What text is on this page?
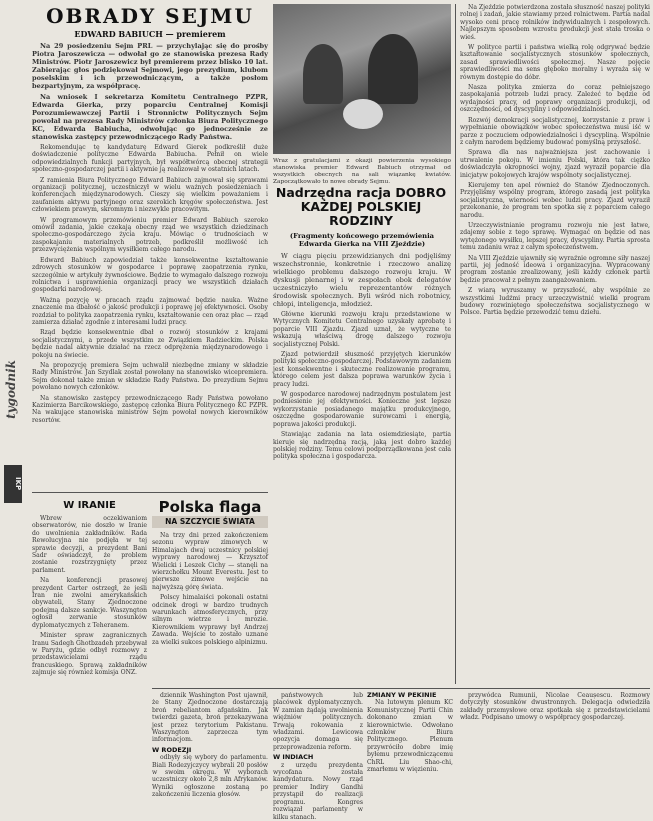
tygodnik
IKP
OBRADY SEJMU
EDWARD BABIUCH — premierem

Na 29 posiedzeniu Sejm PRL — przychylając się do prośby Piotra Jaroszewicza — odwołał go ze stanowiska prezesa Rady Ministrów. Piotr Jaroszewicz był premierem przez blisko 10 lat. Zabierając głos podziękował Sejmowi, jego prezydium, klubom poselskim i ich przewodniczącym, a także posłom bezpartyjnym, za współpracę.

Na wniosek I sekretarza Komitetu Centralnego PZPR, Edwarda Gierka, przy poparciu Centralnej Komisji Porozumiewawczej Partii i Stronnictw Politycznych Sejm powołał na prezesa Rady Ministrów członka Biura Politycznego KC, Edwarda Babiucha, odwołując go jednocześnie ze stanowiska zastępcy przewodniczącego Rady Państwa.

Rekomendując tę kandydaturę Edward Gierek podkreślił duże doświadczenie polityczne Edwarda Babiucha. Pełnił on wiele odpowiedzialnych funkcji partyjnych, był współtwórcą obecnej strategii społeczno-gospodarczej partii i aktywnie ją realizował w ostatnich latach.

Z ramienia Biura Politycznego Edward Babiuch zajmował się sprawami organizacji politycznej, uczestniczył w wielu ważnych posiedzeniach i konferencjach międzynarodowych. Cieszy się wielkim poważaniem i zaufaniem aktywu partyjnego oraz szerokich kręgów społeczeństwa. Jest człowiekiem prawym, skromnym i niezwykle pracowitym.

W programowym przemówieniu premier Edward Babiuch szeroko omówił zadania, jakie czekają obecny rząd we wszystkich dziedzinach społeczno-gospodarczego życia kraju. Mówiąc o trudnościach w zaspokajaniu materialnych potrzeb, podkreślił możliwość ich przezwyciężenia wspólnym wysiłkiem całego narodu.

Edward Babiuch zapowiedział także konsekwentne kształtowanie zdrowych stosunków w gospodarce i poprawę zaopatrzenia rynku, szczególnie w artykuły żywnościowe. Będzie to wymagało dalszego rozwoju rolnictwa i usprawnienia organizacji pracy we wszystkich działach gospodarki narodowej.

Ważną pozycję w pracach rządu zajmować będzie nauka. Ważne znaczenie ma dbałość o jakość produkcji i poprawę jej efektywności. Osoby rozdział to polityka zaopatrzenia rynku, kształtowanie cen oraz płac — rząd zamierza działać zgodnie z interesami ludzi pracy.

Rząd będzie konsekwentnie dbał o rozwój stosunków z krajami socjalistycznymi, a przede wszystkim ze Związkiem Radzieckim. Polska będzie nadal aktywnie działać na rzecz odprężenia międzynarodowego i pokoju na świecie.

Na propozycję premiera Sejm uchwalił niezbędne zmiany w składzie Rady Ministrów. Jan Szydlak został powołany na stanowisko wicepremiera. Sejm dokonał także zmian w składzie Rady Państwa. Do prezydium Sejmu powołano nowych członków.

Na stanowisko zastępcy przewodniczącego Rady Państwa powołano Kazimierza Barcikowskiego, zastępcę członka Biura Politycznego KC PZPR. Na wakujące stanowiska ministrów Sejm powołał nowych kierowników resortów.

W IRANIE

Wbrew oczekiwaniom obserwatorów, nie doszło w Iranie do uwolnienia zakładników. Rada Rewolucyjna nie podjęła w tej sprawie decyzji, a prezydent Bani Sadr oświadczył, że problem zostanie rozstrzygnięty przez parlament.

Na konferencji prasowej prezydent Carter ostrzegł, że jeśli Iran nie zwolni amerykańskich obywateli, Stany Zjednoczone podejmą dalsze sankcje. Waszyngton ogłosił zerwanie stosunków dyplomatycznych z Teheranem.

Minister spraw zagranicznych Iranu Sadegh Ghotbzadeh przebywał w Paryżu, gdzie odbył rozmowy z przedstawicielami rządu francuskiego. Sprawą zakładników zajmuje się również komisja ONZ.

Polska flaga
NA SZCZYCIE ŚWIATA

Na trzy dni przed zakończeniem sezonu wypraw zimowych w Himalajach dwaj uczestnicy polskiej wyprawy narodowej — Krzysztof Wielicki i Leszek Cichy — stanęli na wierzchołku Mount Everestu. Jest to pierwsze zimowe wejście na najwyższą górę świata.

Polscy himalaiści pokonali ostatni odcinek drogi w bardzo trudnych warunkach atmosferycznych, przy silnym wietrze i mrozie. Kierownikiem wyprawy był Andrzej Zawada. Wejście to zostało uznane za wielki sukces polskiego alpinizmu.

Wraz z gratulacjami z okazji powierzenia wysokiego stanowiska premier Edward Babiuch otrzymał od wszystkich obecnych na sali wiązankę kwiatów. Zapoczątkowało to nowe obrady Sejmu.
Nadrzędna racja DOBRO KAŻDEJ POLSKIEJ RODZINY
(Fragmenty końcowego przemówienia Edwarda Gierka na VIII Zjeździe)

W ciągu pięciu przewidzianych dni podjęliśmy wszechstronnie, konkretnie i rzeczowo analizę wielkiego problemu dalszego rozwoju kraju. W dyskusji plenarnej i w zespołach obok delegatów uczestniczyło wielu reprezentantów różnych środowisk społecznych. Byli wśród nich robotnicy, chłopi, inteligencja, młodzież.

Główne kierunki rozwoju kraju przedstawione w Wytycznych Komitetu Centralnego uzyskały aprobatę i poparcie VIII Zjazdu. Zjazd uznał, że wytyczne te wskazują właściwą drogę dalszego rozwoju socjalistycznej Polski.

Zjazd potwierdził słuszność przyjętych kierunków polityki społeczno-gospodarczej. Podstawowym zadaniem jest konsekwentne i skuteczne realizowanie programu, którego celem jest dalsza poprawa warunków życia i pracy ludzi.

W gospodarce narodowej nadrzędnym postulatem jest podniesienie jej efektywności. Konieczne jest lepsze wykorzystanie posiadanego majątku produkcyjnego, oszczędne gospodarowanie surowcami i energią, poprawa jakości produkcji.

Stawiając zadania na lata osiemdziesiąte, partia kieruje się nadrzędną racją, jaką jest dobro każdej polskiej rodziny. Temu celowi podporządkowana jest cała polityka społeczna i gospodarcza.

Na Zjeździe potwierdzona została słuszność naszej polityki rolnej i zadań, jakie stawiamy przed rolnictwem. Partia nadal wysoko ceni pracę rolników indywidualnych i zespołowych. Najlepszym sposobem wzrostu produkcji jest stała troska o wieś.

W polityce partii i państwa wielką rolę odgrywać będzie kształtowanie socjalistycznych stosunków społecznych, zasad sprawiedliwości społecznej. Nasze pojęcie sprawiedliwości ma sens głęboko moralny i wyraża się w równym dostępie do dóbr.

Nasza polityka zmierza do coraz pełniejszego zaspokajania potrzeb ludzi pracy. Zależeć to będzie od wydajności pracy, od poprawy organizacji produkcji, od oszczędności, od dyscypliny i odpowiedzialności.

Rozwój demokracji socjalistycznej, korzystanie z praw i wypełnianie obowiązków wobec społeczeństwa musi iść w parze z poczuciem odpowiedzialności i dyscypliną. Wspólnie z całym narodem będziemy budować pomyślną przyszłość.

Sprawa dla nas najważniejsza jest zachowanie i utrwalenie pokoju. W imieniu Polski, która tak ciężko doświadczyła okropności wojny, zjazd wyraził poparcie dla inicjatyw pokojowych krajów wspólnoty socjalistycznej.

Kierujemy ten apel również do Stanów Zjednoczonych. Przyjęliśmy wspólny program, którego zasadą jest polityka socjalistyczna, wierności wobec ludzi pracy. Zjazd wyraził przekonanie, że program ten spotka się z poparciem całego narodu.

Urzeczywistnianie programu rozwoju nie jest łatwe, zdajemy sobie z tego sprawę. Wymagać on będzie od nas wytężonego wysiłku, lepszej pracy, dyscypliny. Partia sprosta temu zadaniu wraz z całym społeczeństwem.

Na VIII Zjeździe ujawniły się wyraźnie ogromne siły naszej partii, jej jedność ideowa i organizacyjna. Wypracowany program zostanie zrealizowany, jeśli każdy członek partii będzie pracował z pełnym zaangażowaniem.

Z wiarą wyruszamy w przyszłość, aby wspólnie ze wszystkimi ludźmi pracy urzeczywistnić wielki program budowy rozwiniętego społeczeństwa socjalistycznego w Polsce. Partia będzie przewodzić temu dziełu.

dziennik Washington Post ujawnił, że Stany Zjednoczone dostarczają broń rebeliantom afgańskim. Jak twierdzi gazeta, broń przekazywana jest przez terytorium Pakistanu. Waszyngton zaprzecza tym informacjom.

W RODEZJI

odbyły się wybory do parlamentu. Biali Rodezyjczycy wybrali 20 posłów w swoim okręgu. W wyborach uczestniczy około 2,8 mln Afrykanów. Wyniki ogłoszone zostaną po zakończeniu liczenia głosów.

państwowych lub placówek dyplomatycznych. W zamian żądają uwolnienia więźniów politycznych. Trwają rokowania z władzami. Lewicowa opozycja domaga się przeprowadzenia reform.

W INDIACH

z urzędu prezydenta wycofana została kandydatura. Nowy rząd premier Indiry Gandhi przystąpił do realizacji programu. Kongres rozwiązał parlamenty w kilku stanach.

ZMIANY W PEKINIE

Na lutowym plenum KC Komunistycznej Partii Chin dokonano zmian w kierownictwie. Odwołano członków Biura Politycznego. Plenum przywróciło dobre imię byłemu przewodniczącemu ChRL Liu Shao-chi, zmarłemu w więzieniu.

przywódca Rumunii, Nicolae Ceaușescu. Rozmowy dotyczyły stosunków dwustronnych. Delegacja odwiedziła zakłady przemysłowe oraz spotkała się z przedstawicielami władz. Podpisano umowy o współpracy gospodarczej.
